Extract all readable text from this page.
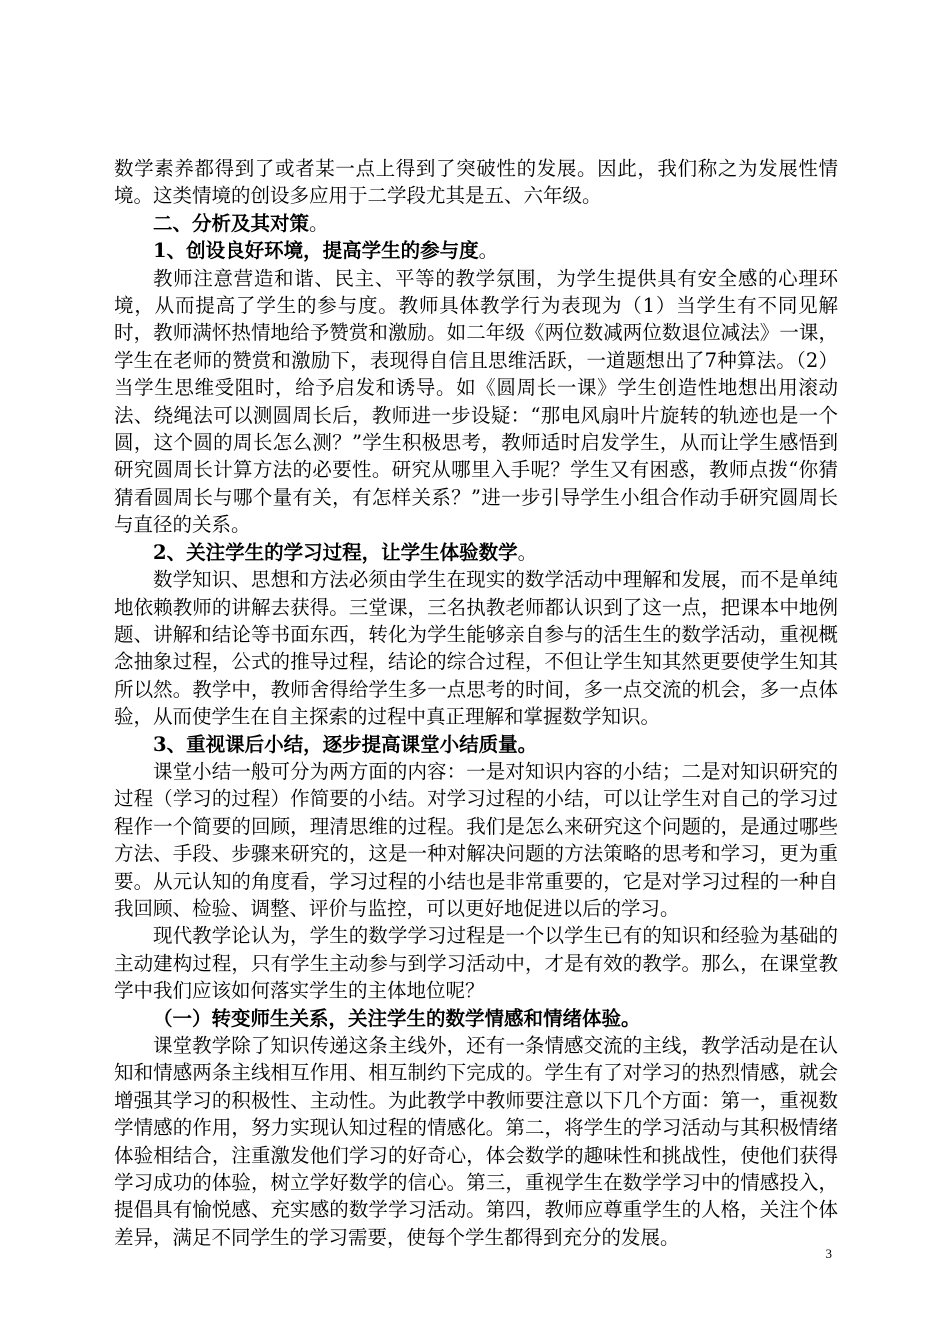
数学素养都得到了或者某一点上得到了突破性的发展。因此，我们称之为发展性情境。这类情境的创设多应用于二学段尤其是五、六年级。

二、分析及其对策。

1、创设良好环境，提高学生的参与度。

教师注意营造和谐、民主、平等的教学氛围，为学生提供具有安全感的心理环境，从而提高了学生的参与度。教师具体教学行为表现为（1）当学生有不同见解时，教师满怀热情地给予赞赏和激励。如二年级《两位数减两位数退位减法》一课，学生在老师的赞赏和激励下，表现得自信且思维活跃，一道题想出了7种算法。（2）当学生思维受阻时，给予启发和诱导。如《圆周长一课》学生创造性地想出用滚动法、绕绳法可以测圆周长后，教师进一步设疑：“那电风扇叶片旋转的轨迹也是一个圆，这个圆的周长怎么测？”学生积极思考，教师适时启发学生，从而让学生感悟到研究圆周长计算方法的必要性。研究从哪里入手呢？学生又有困惑，教师点拨“你猜猜看圆周长与哪个量有关，有怎样关系？”进一步引导学生小组合作动手研究圆周长与直径的关系。

2、关注学生的学习过程，让学生体验数学。

数学知识、思想和方法必须由学生在现实的数学活动中理解和发展，而不是单纯地依赖教师的讲解去获得。三堂课，三名执教老师都认识到了这一点，把课本中地例题、讲解和结论等书面东西，转化为学生能够亲自参与的活生生的数学活动，重视概念抽象过程，公式的推导过程，结论的综合过程，不但让学生知其然更要使学生知其所以然。教学中，教师舍得给学生多一点思考的时间，多一点交流的机会，多一点体验，从而使学生在自主探索的过程中真正理解和掌握数学知识。

3、重视课后小结，逐步提高课堂小结质量。

课堂小结一般可分为两方面的内容：一是对知识内容的小结；二是对知识研究的过程（学习的过程）作简要的小结。对学习过程的小结，可以让学生对自己的学习过程作一个简要的回顾，理清思维的过程。我们是怎么来研究这个问题的，是通过哪些方法、手段、步骤来研究的，这是一种对解决问题的方法策略的思考和学习，更为重要。从元认知的角度看，学习过程的小结也是非常重要的，它是对学习过程的一种自我回顾、检验、调整、评价与监控，可以更好地促进以后的学习。

现代教学论认为，学生的数学学习过程是一个以学生已有的知识和经验为基础的主动建构过程，只有学生主动参与到学习活动中，才是有效的教学。那么，在课堂教学中我们应该如何落实学生的主体地位呢？

（一）转变师生关系，关注学生的数学情感和情绪体验。

课堂教学除了知识传递这条主线外，还有一条情感交流的主线，教学活动是在认知和情感两条主线相互作用、相互制约下完成的。学生有了对学习的热烈情感，就会增强其学习的积极性、主动性。为此教学中教师要注意以下几个方面：第一，重视数学情感的作用，努力实现认知过程的情感化。第二，将学生的学习活动与其积极情绪体验相结合，注重激发他们学习的好奇心，体会数学的趣味性和挑战性，使他们获得学习成功的体验，树立学好数学的信心。第三，重视学生在数学学习中的情感投入，提倡具有愉悦感、充实感的数学学习活动。第四，教师应尊重学生的人格，关注个体差异，满足不同学生的学习需要，使每个学生都得到充分的发展。

3
